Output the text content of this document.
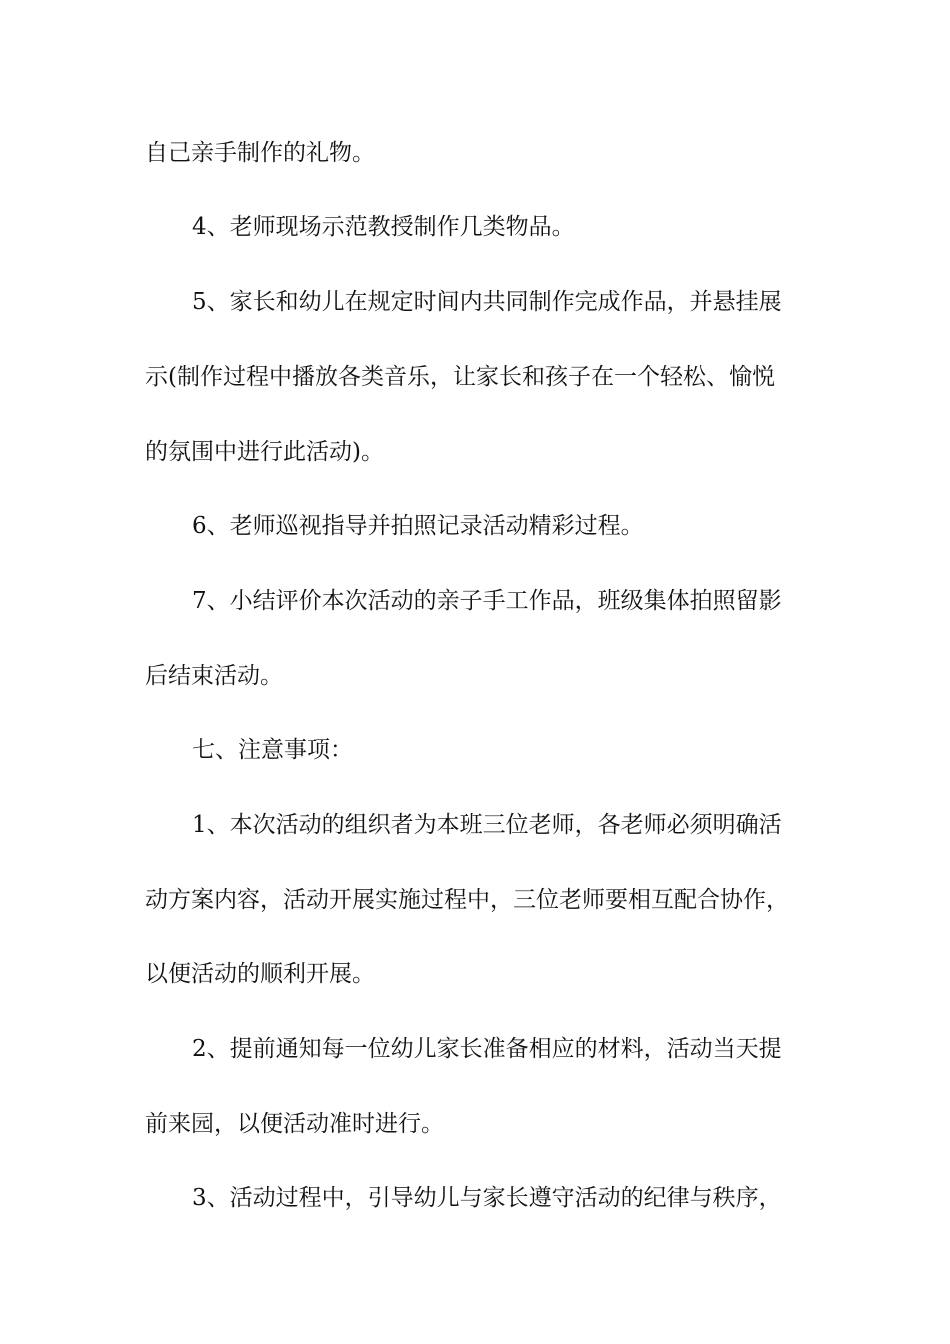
自己亲手制作的礼物。
4、老师现场示范教授制作几类物品。
5、家长和幼儿在规定时间内共同制作完成作品，并悬挂展
示(制作过程中播放各类音乐，让家长和孩子在一个轻松、愉悦
的氛围中进行此活动)。
6、老师巡视指导并拍照记录活动精彩过程。
7、小结评价本次活动的亲子手工作品，班级集体拍照留影
后结束活动。
七、注意事项：
1、本次活动的组织者为本班三位老师，各老师必须明确活
动方案内容，活动开展实施过程中，三位老师要相互配合协作，
以便活动的顺利开展。
2、提前通知每一位幼儿家长准备相应的材料，活动当天提
前来园，以便活动准时进行。
3、活动过程中，引导幼儿与家长遵守活动的纪律与秩序，
